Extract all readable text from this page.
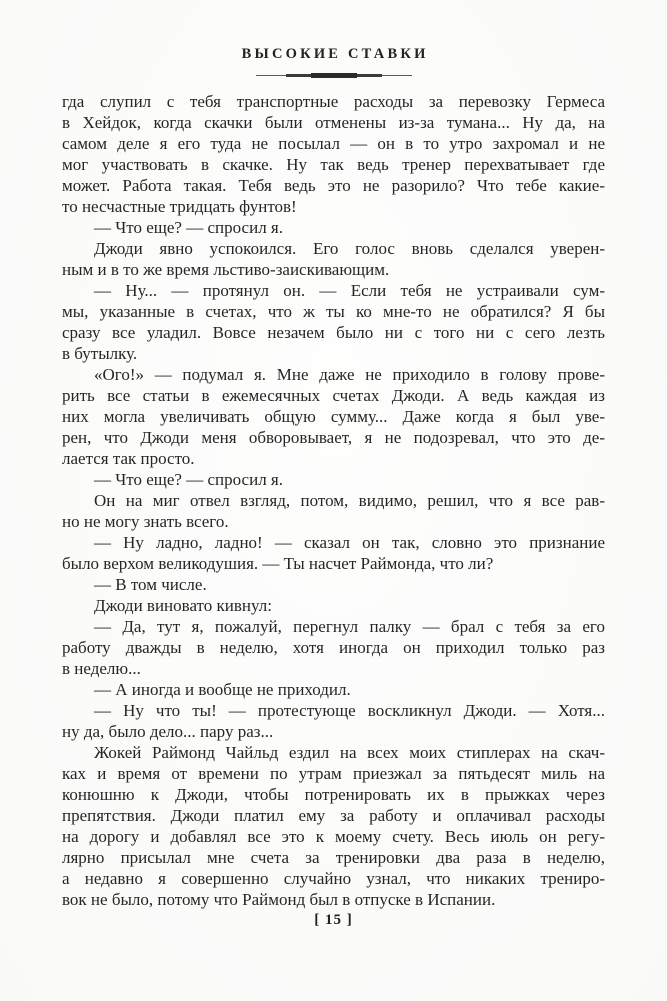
ВЫСОКИЕ СТАВКИ
гда слупил с тебя транспортные расходы за перевозку Гермеса
в Хейдок, когда скачки были отменены из-за тумана... Ну да, на
самом деле я его туда не посылал — он в то утро захромал и не
мог участвовать в скачке. Ну так ведь тренер перехватывает где
может. Работа такая. Тебя ведь это не разорило? Что тебе какие-
то несчастные тридцать фунтов!
— Что еще? — спросил я.
Джоди явно успокоился. Его голос вновь сделался уверен-
ным и в то же время льстиво-заискивающим.
— Ну... — протянул он. — Если тебя не устраивали сум-
мы, указанные в счетах, что ж ты ко мне-то не обратился? Я бы
сразу все уладил. Вовсе незачем было ни с того ни с сего лезть
в бутылку.
«Ого!» — подумал я. Мне даже не приходило в голову прове-
рить все статьи в ежемесячных счетах Джоди. А ведь каждая из
них могла увеличивать общую сумму... Даже когда я был уве-
рен, что Джоди меня обворовывает, я не подозревал, что это де-
лается так просто.
— Что еще? — спросил я.
Он на миг отвел взгляд, потом, видимо, решил, что я все рав-
но не могу знать всего.
— Ну ладно, ладно! — сказал он так, словно это признание
было верхом великодушия. — Ты насчет Раймонда, что ли?
— В том числе.
Джоди виновато кивнул:
— Да, тут я, пожалуй, перегнул палку — брал с тебя за его
работу дважды в неделю, хотя иногда он приходил только раз
в неделю...
— А иногда и вообще не приходил.
— Ну что ты! — протестующе воскликнул Джоди. — Хотя...
ну да, было дело... пару раз...
Жокей Раймонд Чайльд ездил на всех моих стиплерах на скач-
ках и время от времени по утрам приезжал за пятьдесят миль на
конюшню к Джоди, чтобы потренировать их в прыжках через
препятствия. Джоди платил ему за работу и оплачивал расходы
на дорогу и добавлял все это к моему счету. Весь июль он регу-
лярно присылал мне счета за тренировки два раза в неделю,
а недавно я совершенно случайно узнал, что никаких трениро-
вок не было, потому что Раймонд был в отпуске в Испании.
[ 15 ]
